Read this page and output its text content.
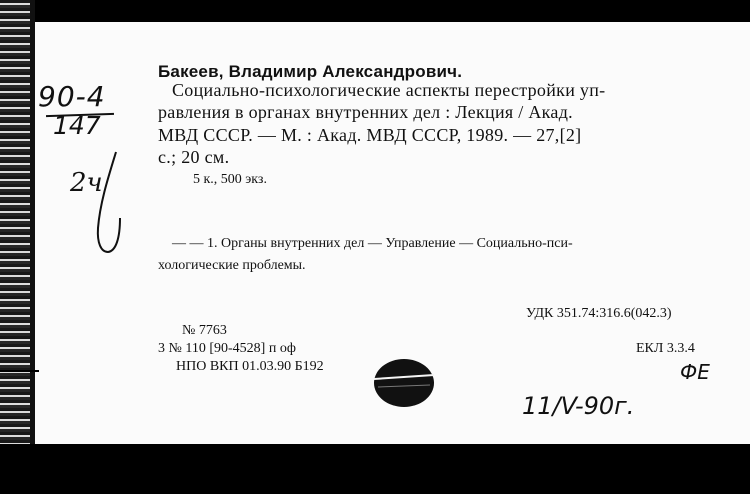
Бакеев, Владимир Александрович.
Социально-психологические аспекты перестройки уп-
равления в органах внутренних дел : Лекция / Акад.
МВД СССР. — М. : Акад. МВД СССР, 1989. — 27,[2]
с.; 20 см.
5 к., 500 экз.
— — 1. Органы внутренних дел — Управление — Социально-пси-
хологические проблемы.
УДК 351.74:316.6(042.3)
№ 7763
3 № 110 [90-4528] п оф	ЕКЛ 3.3.4
НПО ВКП 01.03.90 Б192
90-4
147
2ч
ФЕ
11/V-90г.
